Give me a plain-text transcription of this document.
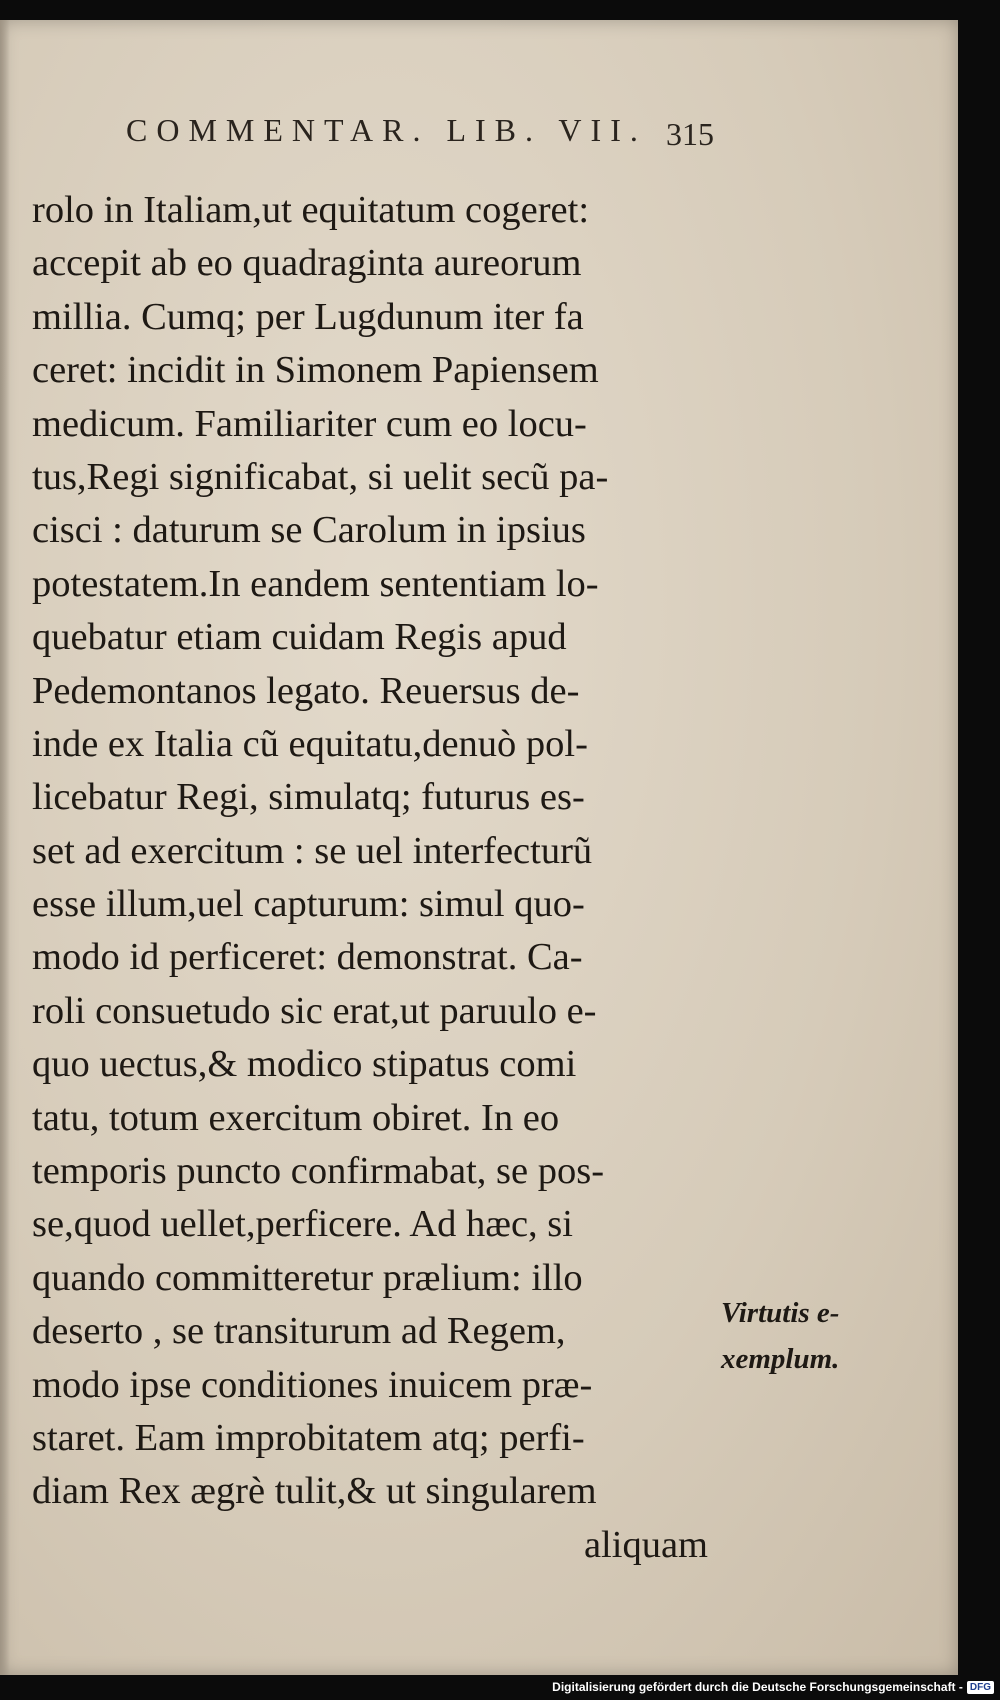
COMMENTAR. LIB. VII. 315
rolo in Italiam,ut equitatum cogeret:
accepit ab eo quadraginta aureorum
millia. Cumq; per Lugdunum iter fa
ceret: incidit in Simonem Papiensem
medicum. Familiariter cum eo locu-
tus,Regi significabat, si uelit secũ pa-
cisci : daturum se Carolum in ipsius
potestatem.In eandem sententiam lo-
quebatur etiam cuidam Regis apud
Pedemontanos legato. Reuersus de-
inde ex Italia cũ equitatu,denuò pol-
licebatur Regi, simulatq; futurus es-
set ad exercitum : se uel interfecturũ
esse illum,uel capturum: simul quo-
modo id perficeret: demonstrat. Ca-
roli consuetudo sic erat,ut paruulo e-
quo uectus,& modico stipatus comi
tatu, totum exercitum obiret. In eo
temporis puncto confirmabat, se pos-
se,quod uellet,perficere. Ad hæc, si
quando committeretur prælium: illo
deserto , se transiturum ad Regem,
modo ipse conditiones inuicem præ-
staret. Eam improbitatem atq; perfi-
diam Rex ægrè tulit,& ut singularem
aliquam
Virtutis e-
xemplum.
Digitalisierung gefördert durch die Deutsche Forschungsgemeinschaft - DFG
